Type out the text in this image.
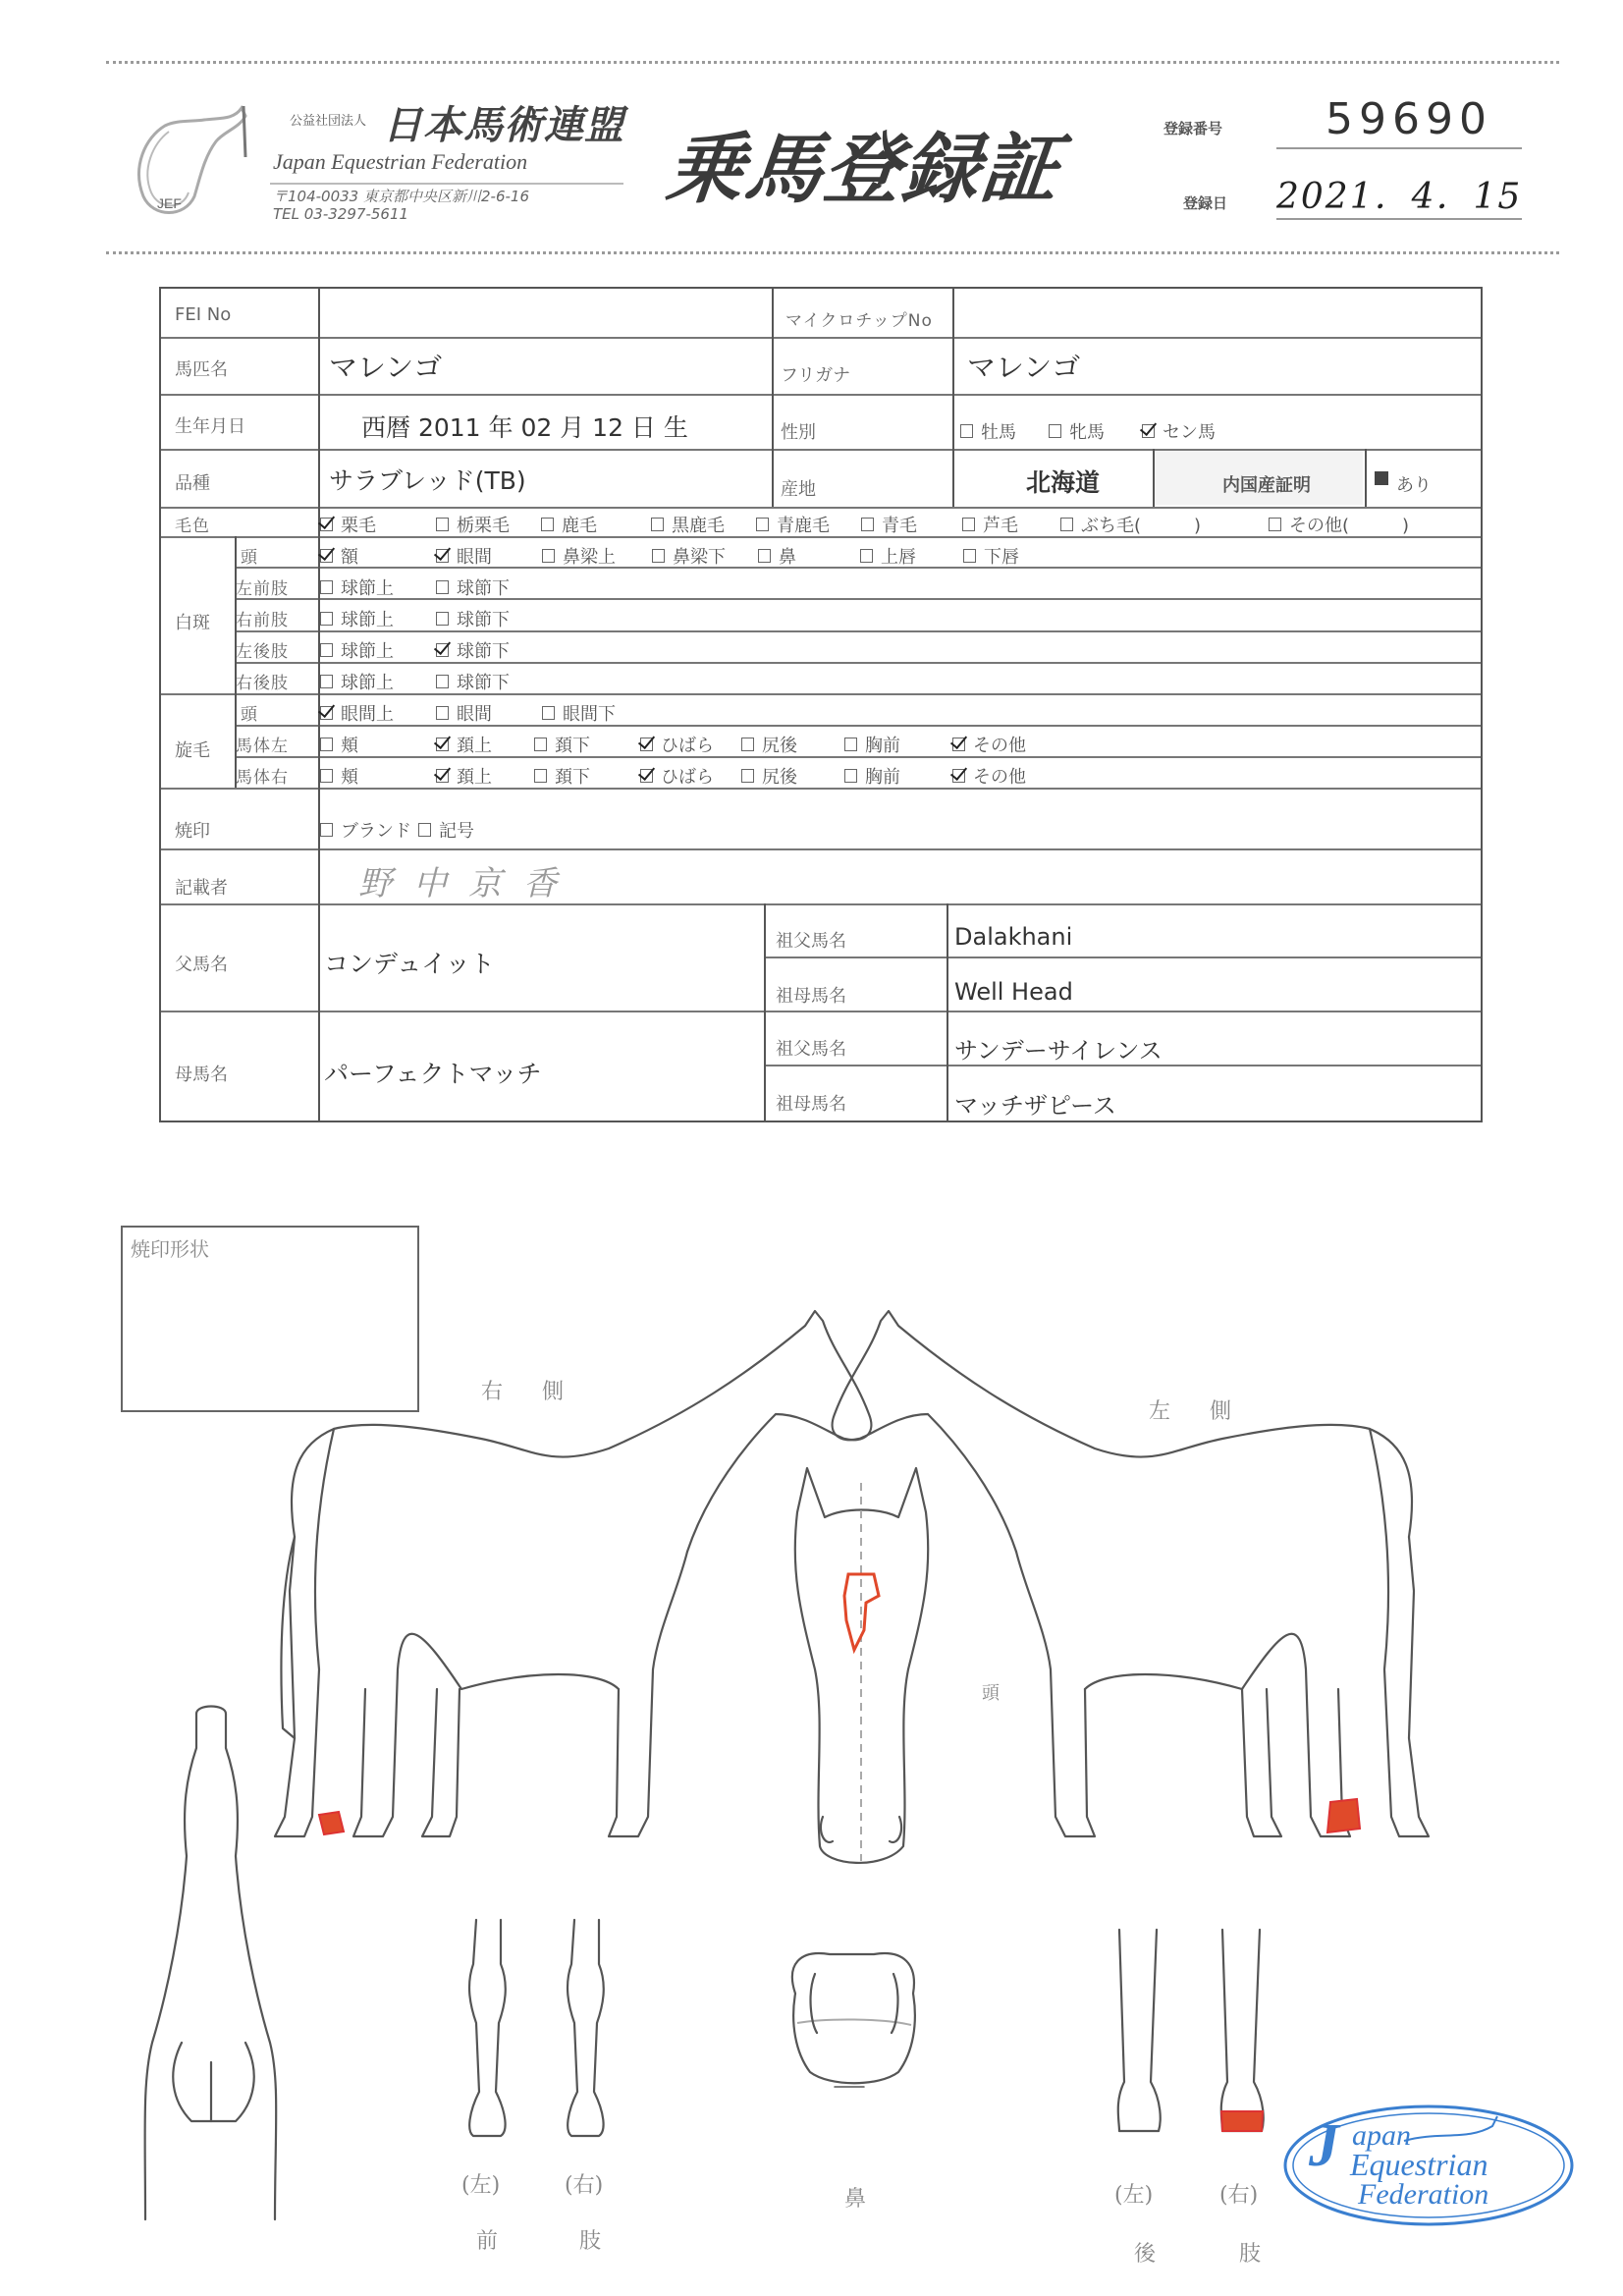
JEF
公益社団法人 日本馬術連盟
Japan Equestrian Federation
〒104-0033 東京都中央区新川2-6-16
TEL 03-3297-5611	乗馬登録証	登録番号 59690
登録日 2021．4．15
FEI No	マイクロチップNo
馬匹名	マレンゴ	フリガナ	マレンゴ
生年月日	西暦 2011 年 02 月 12 日 生	性別	牡馬	牝馬	セン馬
品種	サラブレッド(TB)	産地	北海道	内国産証明	あり
毛色	栗毛	栃栗毛	鹿毛	黒鹿毛	青鹿毛	青毛	芦毛	ぶち毛(　　　)	その他(　　　)
白斑
頭	額	眼間	鼻梁上	鼻梁下	鼻	上唇	下唇
左前肢	球節上	球節下
右前肢	球節上	球節下
左後肢	球節上	球節下
右後肢	球節上	球節下
旋毛
頭	眼間上	眼間	眼間下
馬体左	頬	頚上	頚下	ひばら	尻後	胸前	その他
馬体右	頬	頚上	頚下	ひばら	尻後	胸前	その他
焼印	ブランド 記号
記載者	野中京香
父馬名	コンデュイット
祖父馬名	Dalakhani
祖母馬名	Well Head
母馬名	パーフェクトマッチ
祖父馬名	サンデーサイレンス
祖母馬名	マッチザピース
焼印形状
右側
左側
頭
(左)	(右)
前	肢
鼻	(左)	(右)
後	肢
J apan
Equestrian
Federation
